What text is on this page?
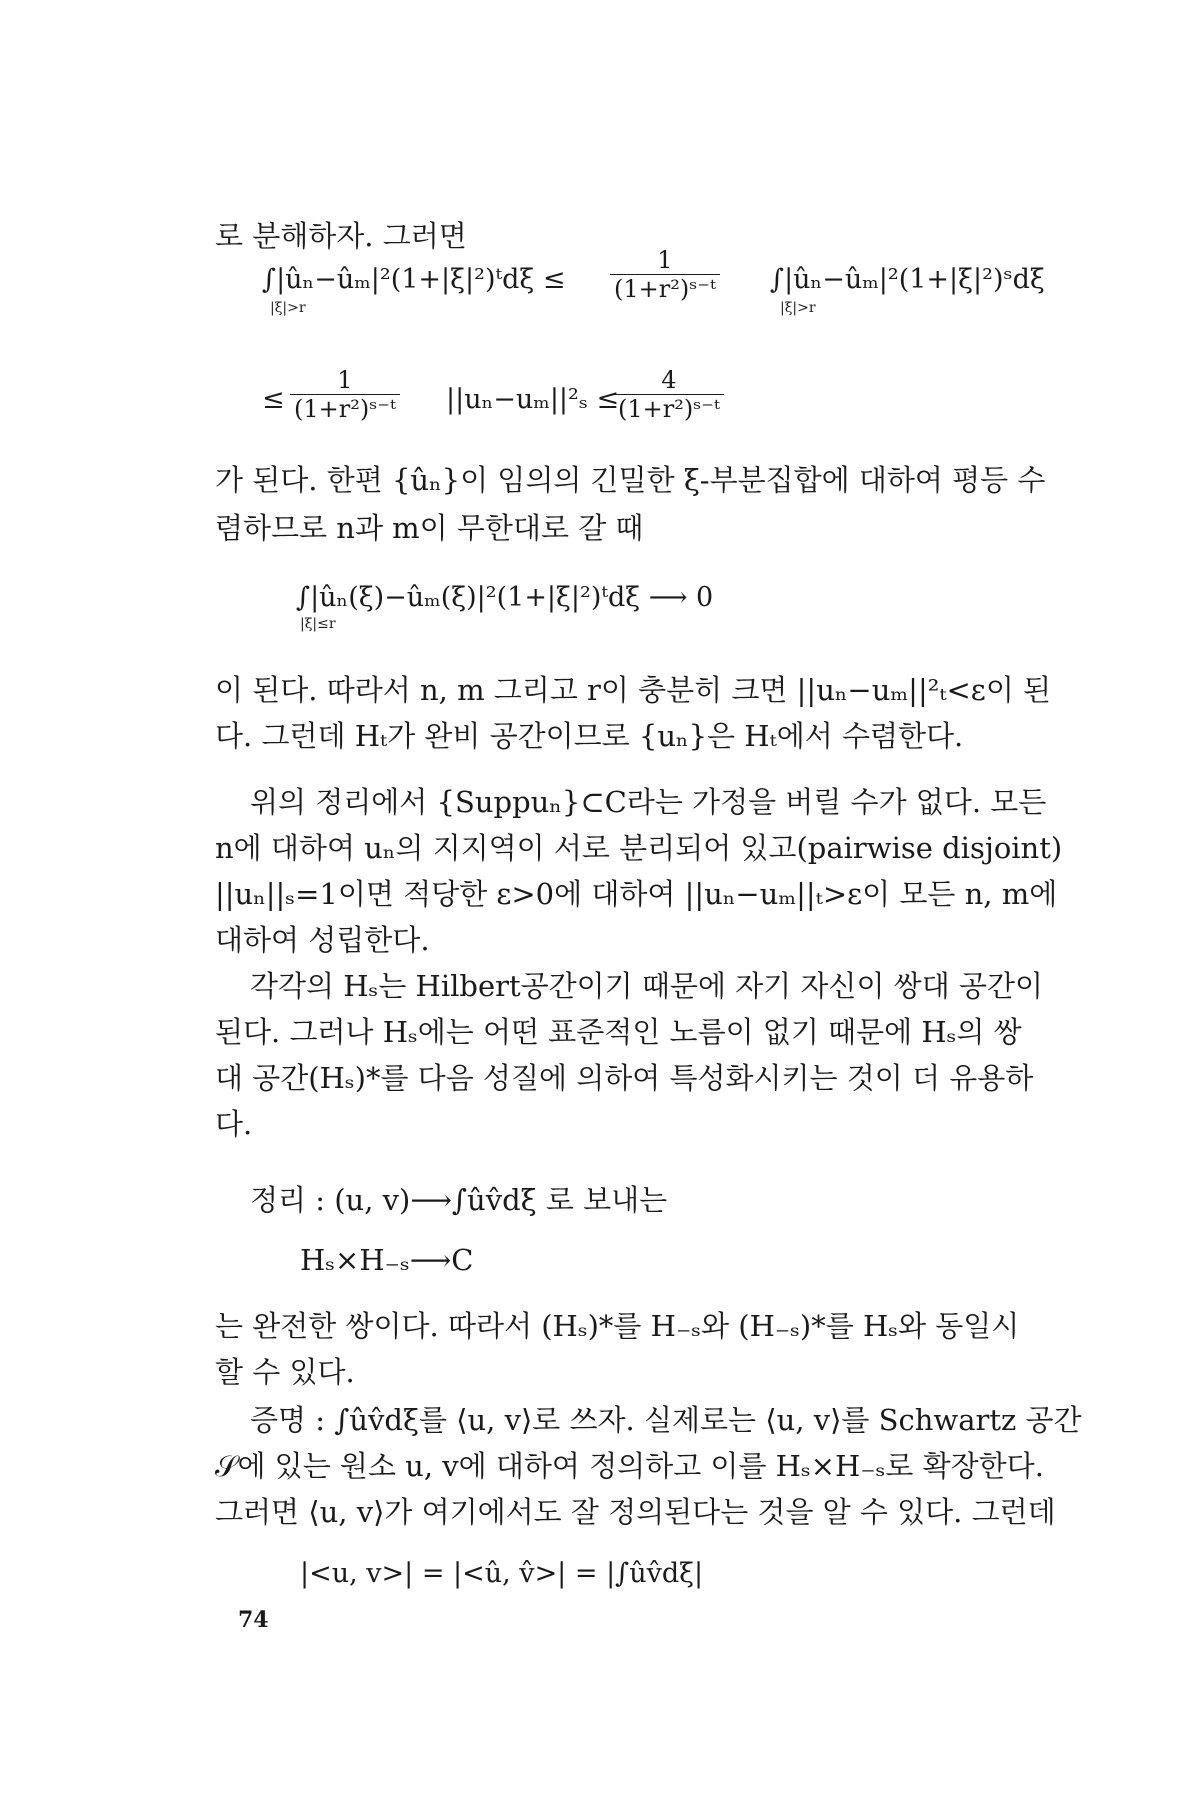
로 분해하자. 그러면
∫|ûₙ−ûₘ|²(1+|ξ|²)ᵗdξ ≤
|ξ|>r
$\frac{1}{\text{(1+r²)ˢ⁻ᵗ}}$ ∫|ûₙ−ûₘ|²(1+|ξ|²)ˢdξ
|ξ|>r
≤ $\frac{1}{\text{(1+r²)ˢ⁻ᵗ}} ||u_n-u_m||^2_s$ ≤
$\frac{4}{\text{(1+r²)ˢ⁻ᵗ}}$
가 된다. 한편 {ûₙ}이 임의의 긴밀한 ξ-부분집합에 대하여 평등 수
렴하므로 n과 m이 무한대로 갈 때
∫|ûₙ(ξ)−ûₘ(ξ)|²(1+|ξ|²)ᵗdξ ⟶ 0
|ξ|≤r
이 된다. 따라서 n, m 그리고 r이 충분히 크면 ||uₙ−uₘ||²ₜ<ε이 된
다. 그런데 Hₜ가 완비 공간이므로 {uₙ}은 Hₜ에서 수렴한다.
위의 정리에서 {Suppuₙ}⊂C라는 가정을 버릴 수가 없다. 모든
n에 대하여 uₙ의 지지역이 서로 분리되어 있고(pairwise disjoint)
||uₙ||ₛ=1이면 적당한 ε>0에 대하여 ||uₙ−uₘ||ₜ>ε이 모든 n, m에
대하여 성립한다.
각각의 Hₛ는 Hilbert공간이기 때문에 자기 자신이 쌍대 공간이
된다. 그러나 Hₛ에는 어떤 표준적인 노름이 없기 때문에 Hₛ의 쌍
대 공간(Hₛ)*를 다음 성질에 의하여 특성화시키는 것이 더 유용하
다.
정리 : (u, v)⟶∫ûv̂dξ 로 보내는
Hₛ×H₋ₛ⟶C
는 완전한 쌍이다. 따라서 (Hₛ)*를 H₋ₛ와 (H₋ₛ)*를 Hₛ와 동일시
할 수 있다.
증명 : ∫ûv̂dξ를 ⟨u, v⟩로 쓰자. 실제로는 ⟨u, v⟩를 Schwartz 공간
𝒮에 있는 원소 u, v에 대하여 정의하고 이를 Hₛ×H₋ₛ로 확장한다.
그러면 ⟨u, v⟩가 여기에서도 잘 정의된다는 것을 알 수 있다. 그런데
|<u, v>| = |<û, v̂>| = |∫ûv̂dξ|
74
